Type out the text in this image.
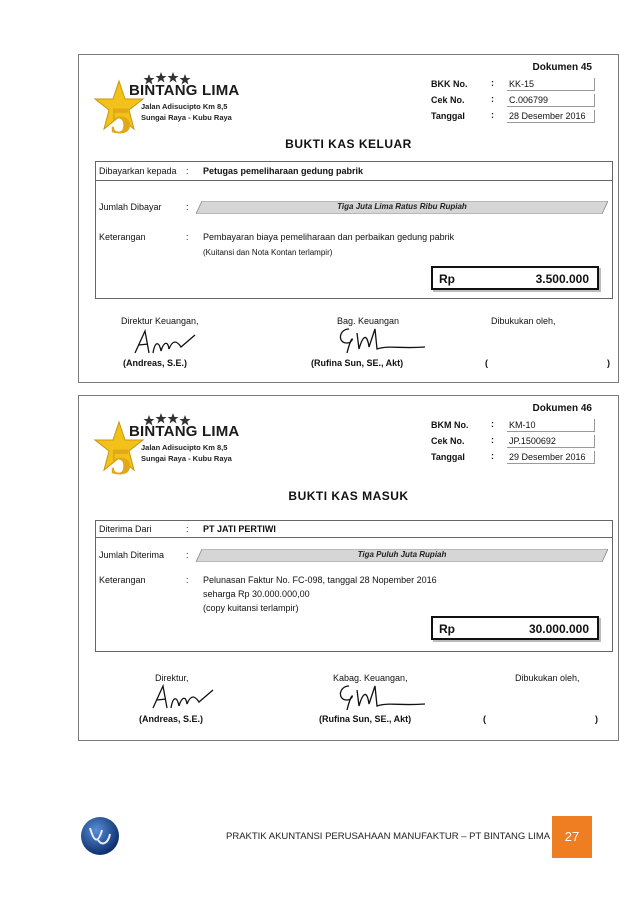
Dokumen 45
5
BINTANG LIMA
Jalan Adisucipto Km 8,5
Sungai Raya - Kubu Raya
BKK No.	: KK-15
Cek No.	: C.006799
Tanggal	: 28 Desember 2016
BUKTI KAS KELUAR
Dibayarkan kepada : Petugas pemeliharaan gedung pabrik
Jumlah Dibayar	:	Tiga Juta Lima Ratus Ribu Rupiah
Keterangan	: Pembayaran biaya pemeliharaan dan perbaikan gedung pabrik
(Kuitansi dan Nota Kontan terlampir)
Rp	3.500.000
Direktur Keuangan,
(Andreas, S.E.)
Bag. Keuangan
(Rufina Sun, SE., Akt)
Dibukukan oleh,
(	)
Dokumen 46
5
BINTANG LIMA
Jalan Adisucipto Km 8,5
Sungai Raya - Kubu Raya
BKM No.	: KM-10
Cek No.	: JP.1500692
Tanggal	: 29 Desember 2016
BUKTI KAS MASUK
Diterima Dari	: PT JATI PERTIWI
Jumlah Diterima :	Tiga Puluh Juta Rupiah
Keterangan	: Pelunasan Faktur No. FC-098, tanggal 28 Nopember 2016
seharga Rp 30.000.000,00
(copy kuitansi terlampir)
Rp	30.000.000
Direktur,
(Andreas, S.E.)
Kabag. Keuangan,
(Rufina Sun, SE., Akt)
Dibukukan oleh,
(	)
PRAKTIK AKUNTANSI PERUSAHAAN MANUFAKTUR – PT BINTANG LIMA	27
